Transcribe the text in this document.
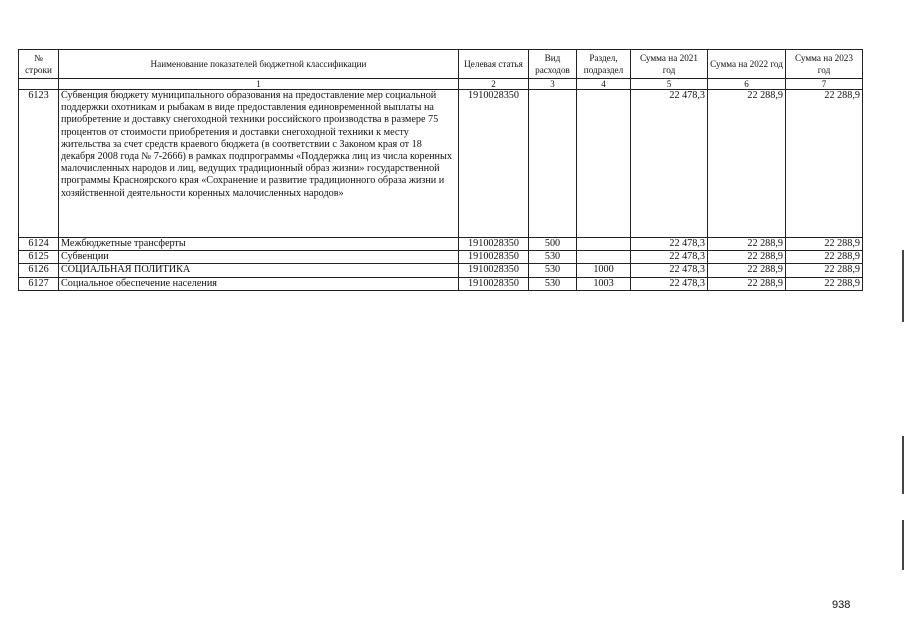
№ строки	Наименование показателей бюджетной классификации	Целевая статья	Вид расходов	Раздел, подраздел	Сумма на 2021 год	Сумма на 2022 год	Сумма на 2023 год
	1	2	3	4	5	6	7
6123	Субвенция бюджету муниципального образования на предоставление мер социальной поддержки охотникам и рыбакам в виде предоставления единовременной выплаты на приобретение и доставку снегоходной техники российского производства в размере 75 процентов от стоимости приобретения и доставки снегоходной техники к месту жительства за счет средств краевого бюджета (в соответствии с Законом края от 18 декабря 2008 года № 7-2666) в рамках подпрограммы «Поддержка лиц из числа коренных малочисленных народов и лиц, ведущих традиционный образ жизни» государственной программы Красноярского края «Сохранение и развитие традиционного образа жизни и хозяйственной деятельности коренных малочисленных народов»	1910028350			22 478,3	22 288,9	22 288,9
6124	Межбюджетные трансферты	1910028350	500		22 478,3	22 288,9	22 288,9
6125	Субвенции	1910028350	530		22 478,3	22 288,9	22 288,9
6126	СОЦИАЛЬНАЯ ПОЛИТИКА	1910028350	530	1000	22 478,3	22 288,9	22 288,9
6127	Социальное обеспечение населения	1910028350	530	1003	22 478,3	22 288,9	22 288,9
938
